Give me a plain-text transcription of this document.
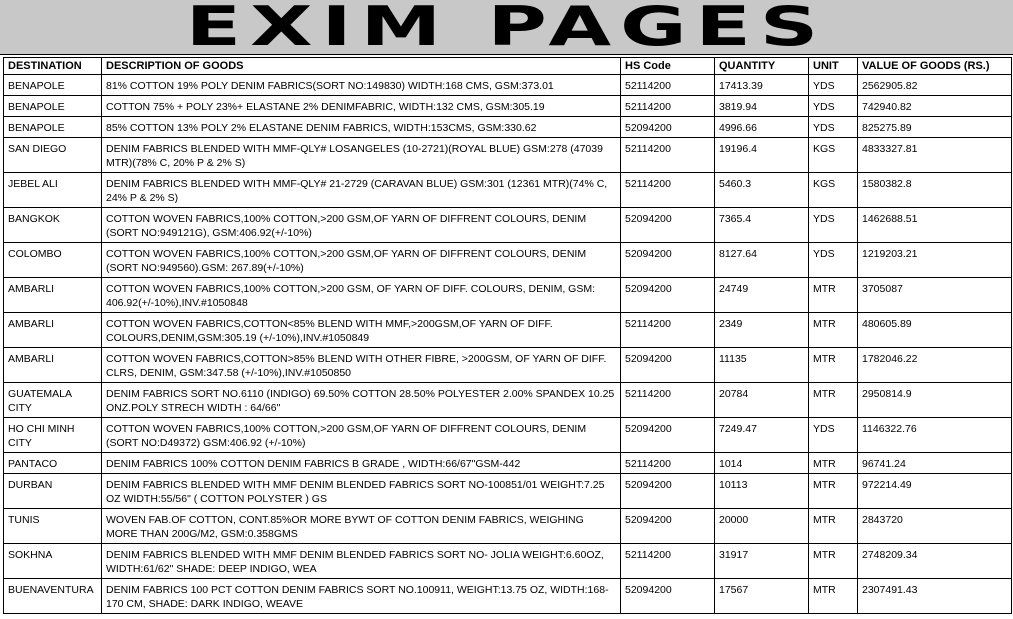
EXIM PAGES
DESTINATION	DESCRIPTION OF GOODS	HS Code	QUANTITY	UNIT	VALUE OF GOODS (RS.)
BENAPOLE	81% COTTON 19% POLY DENIM FABRICS(SORT NO:149830) WIDTH:168 CMS, GSM:373.01	52114200	17413.39	YDS	2562905.82
BENAPOLE	COTTON 75% + POLY 23%+ ELASTANE 2% DENIMFABRIC, WIDTH:132 CMS, GSM:305.19	52114200	3819.94	YDS	742940.82
BENAPOLE	85% COTTON 13% POLY 2% ELASTANE DENIM FABRICS, WIDTH:153CMS, GSM:330.62	52094200	4996.66	YDS	825275.89
SAN DIEGO	DENIM FABRICS BLENDED WITH MMF-QLY# LOSANGELES (10-2721)(ROYAL BLUE) GSM:278 (47039 MTR)(78% C, 20% P & 2% S)	52114200	19196.4	KGS	4833327.81
JEBEL ALI	DENIM FABRICS BLENDED WITH MMF-QLY# 21-2729 (CARAVAN BLUE) GSM:301 (12361 MTR)(74% C, 24% P & 2% S)	52114200	5460.3	KGS	1580382.8
BANGKOK	COTTON WOVEN FABRICS,100% COTTON,>200 GSM,OF YARN OF DIFFRENT COLOURS, DENIM (SORT NO:949121G), GSM:406.92(+/-10%)	52094200	7365.4	YDS	1462688.51
COLOMBO	COTTON WOVEN FABRICS,100% COTTON,>200 GSM,OF YARN OF DIFFRENT COLOURS, DENIM (SORT NO:949560).GSM: 267.89(+/-10%)	52094200	8127.64	YDS	1219203.21
AMBARLI	COTTON WOVEN FABRICS,100% COTTON,>200 GSM, OF YARN OF DIFF. COLOURS, DENIM, GSM: 406.92(+/-10%),INV.#1050848	52094200	24749	MTR	3705087
AMBARLI	COTTON WOVEN FABRICS,COTTON<85% BLEND WITH MMF,>200GSM,OF YARN OF DIFF. COLOURS,DENIM,GSM:305.19 (+/-10%),INV.#1050849	52114200	2349	MTR	480605.89
AMBARLI	COTTON WOVEN FABRICS,COTTON>85% BLEND WITH OTHER FIBRE, >200GSM, OF YARN OF DIFF. CLRS, DENIM, GSM:347.58 (+/-10%),INV.#1050850	52094200	11135	MTR	1782046.22
GUATEMALA CITY	DENIM FABRICS SORT NO.6110 (INDIGO) 69.50% COTTON 28.50% POLYESTER 2.00% SPANDEX 10.25 ONZ.POLY STRECH WIDTH : 64/66"	52114200	20784	MTR	2950814.9
HO CHI MINH CITY	COTTON WOVEN FABRICS,100% COTTON,>200 GSM,OF YARN OF DIFFRENT COLOURS, DENIM (SORT NO:D49372) GSM:406.92 (+/-10%)	52094200	7249.47	YDS	1146322.76
PANTACO	DENIM FABRICS 100% COTTON DENIM FABRICS B GRADE , WIDTH:66/67"GSM-442	52114200	1014	MTR	96741.24
DURBAN	DENIM FABRICS BLENDED WITH MMF DENIM BLENDED FABRICS SORT NO-100851/01 WEIGHT:7.25 OZ WIDTH:55/56" ( COTTON POLYSTER ) GS	52094200	10113	MTR	972214.49
TUNIS	WOVEN FAB.OF COTTON, CONT.85%OR MORE BYWT OF COTTON DENIM FABRICS, WEIGHING MORE THAN 200G/M2, GSM:0.358GMS	52094200	20000	MTR	2843720
SOKHNA	DENIM FABRICS BLENDED WITH MMF DENIM BLENDED FABRICS SORT NO- JOLIA WEIGHT:6.60OZ, WIDTH:61/62" SHADE: DEEP INDIGO, WEA	52114200	31917	MTR	2748209.34
BUENAVENTURA	DENIM FABRICS 100 PCT COTTON DENIM FABRICS SORT NO.100911, WEIGHT:13.75 OZ, WIDTH:168- 170 CM, SHADE: DARK INDIGO, WEAVE	52094200	17567	MTR	2307491.43
